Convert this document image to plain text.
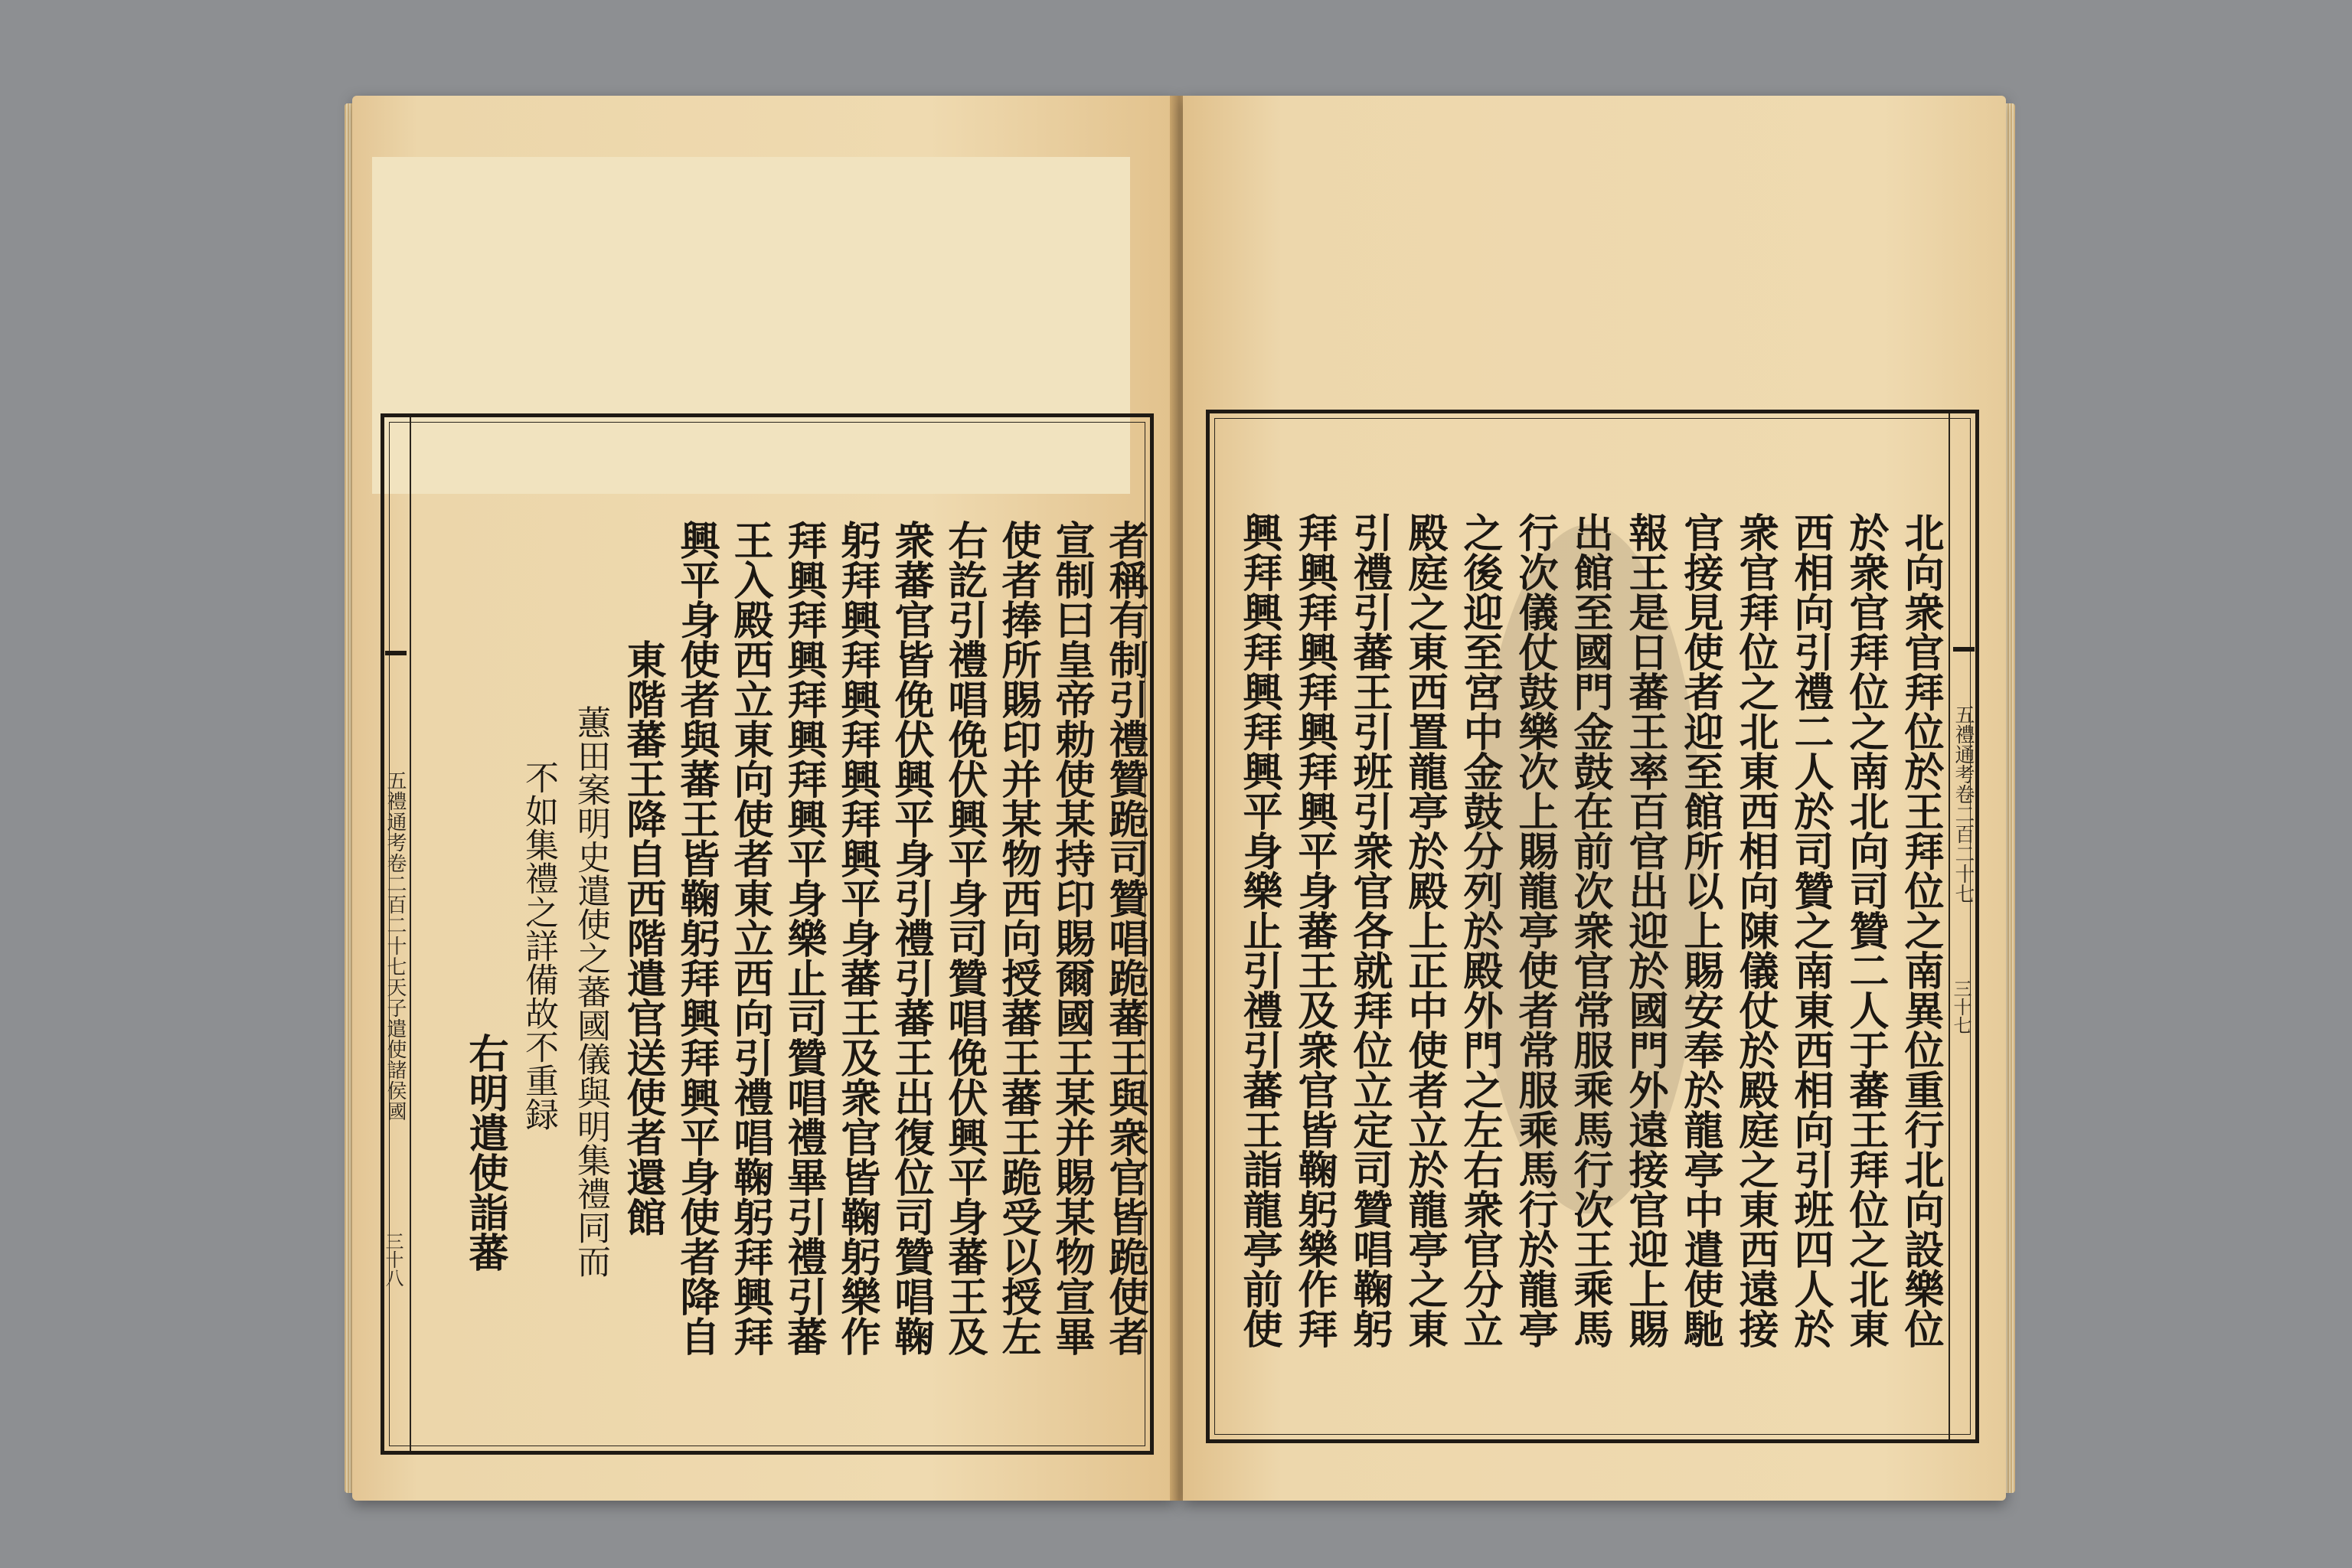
五禮通考卷二百二十七天子遣使諸侯國
三十八	者稱有制引禮贊跪司贊唱跪蕃王與衆官皆跪使者
宣制曰皇帝勅使某持印賜爾國王某并賜某物宣畢
使者捧所賜印并某物西向授蕃王蕃王跪受以授左
右訖引禮唱俛伏興平身司贊唱俛伏興平身蕃王及
衆蕃官皆俛伏興平身引禮引蕃王出復位司贊唱鞠
躬拜興拜興拜興拜興平身蕃王及衆官皆鞠躬樂作
拜興拜興拜興拜興平身樂止司贊唱禮畢引禮引蕃
王入殿西立東向使者東立西向引禮唱鞠躬拜興拜
興平身使者與蕃王皆鞠躬拜興拜興平身使者降自
東階蕃王降自西階遣官送使者還館
蕙田案明史遣使之蕃國儀與明集禮同而
不如集禮之詳備故不重録
右明遣使詣蕃	北向衆官拜位於王拜位之南異位重行北向設樂位
於衆官拜位之南北向司贊二人于蕃王拜位之北東
西相向引禮二人於司贊之南東西相向引班四人於
衆官拜位之北東西相向陳儀仗於殿庭之東西遠接
官接見使者迎至館所以上賜安奉於龍亭中遣使馳
報王是日蕃王率百官出迎於國門外遠接官迎上賜
出館至國門金鼓在前次衆官常服乘馬行次王乘馬
行次儀仗鼓樂次上賜龍亭使者常服乘馬行於龍亭
之後迎至宮中金鼓分列於殿外門之左右衆官分立
殿庭之東西置龍亭於殿上正中使者立於龍亭之東
引禮引蕃王引班引衆官各就拜位立定司贊唱鞠躬
拜興拜興拜興拜興平身蕃王及衆官皆鞠躬樂作拜
興拜興拜興拜興平身樂止引禮引蕃王詣龍亭前使	五禮通考卷二百二十七
三十七
